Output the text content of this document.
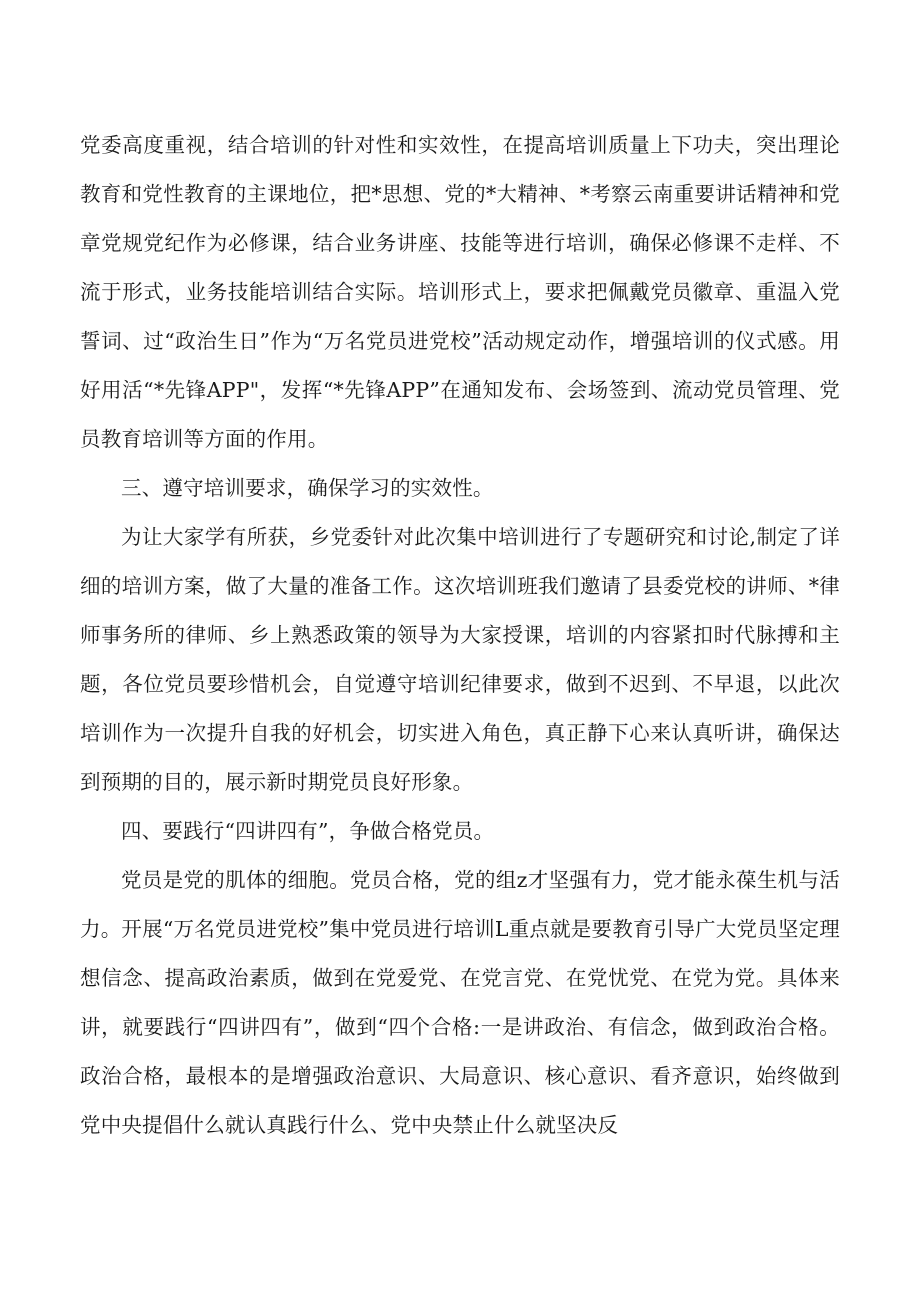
党委高度重视，结合培训的针对性和实效性，在提高培训质量上下功夫，突出理论教育和党性教育的主课地位，把*思想、党的*大精神、*考察云南重要讲话精神和党章党规党纪作为必修课，结合业务讲座、技能等进行培训，确保必修课不走样、不流于形式，业务技能培训结合实际。培训形式上，要求把佩戴党员徽章、重温入党誓词、过“政治生日”作为“万名党员进党校”活动规定动作，增强培训的仪式感。用好用活“*先锋APP"，发挥“*先锋APP”在通知发布、会场签到、流动党员管理、党员教育培训等方面的作用。

三、遵守培训要求，确保学习的实效性。

为让大家学有所获，乡党委针对此次集中培训进行了专题研究和讨论,制定了详细的培训方案，做了大量的准备工作。这次培训班我们邀请了县委党校的讲师、*律师事务所的律师、乡上熟悉政策的领导为大家授课，培训的内容紧扣时代脉搏和主题，各位党员要珍惜机会，自觉遵守培训纪律要求，做到不迟到、不早退，以此次培训作为一次提升自我的好机会，切实进入角色，真正静下心来认真听讲，确保达到预期的目的，展示新时期党员良好形象。

四、要践行“四讲四有”，争做合格党员。

党员是党的肌体的细胞。党员合格，党的组z才坚强有力，党才能永葆生机与活力。开展“万名党员进党校”集中党员进行培训L重点就是要教育引导广大党员坚定理想信念、提高政治素质，做到在党爱党、在党言党、在党忧党、在党为党。具体来讲，就要践行“四讲四有”，做到“四个合格:一是讲政治、有信念，做到政治合格。政治合格，最根本的是增强政治意识、大局意识、核心意识、看齐意识，始终做到党中央提倡什么就认真践行什么、党中央禁止什么就坚决反
